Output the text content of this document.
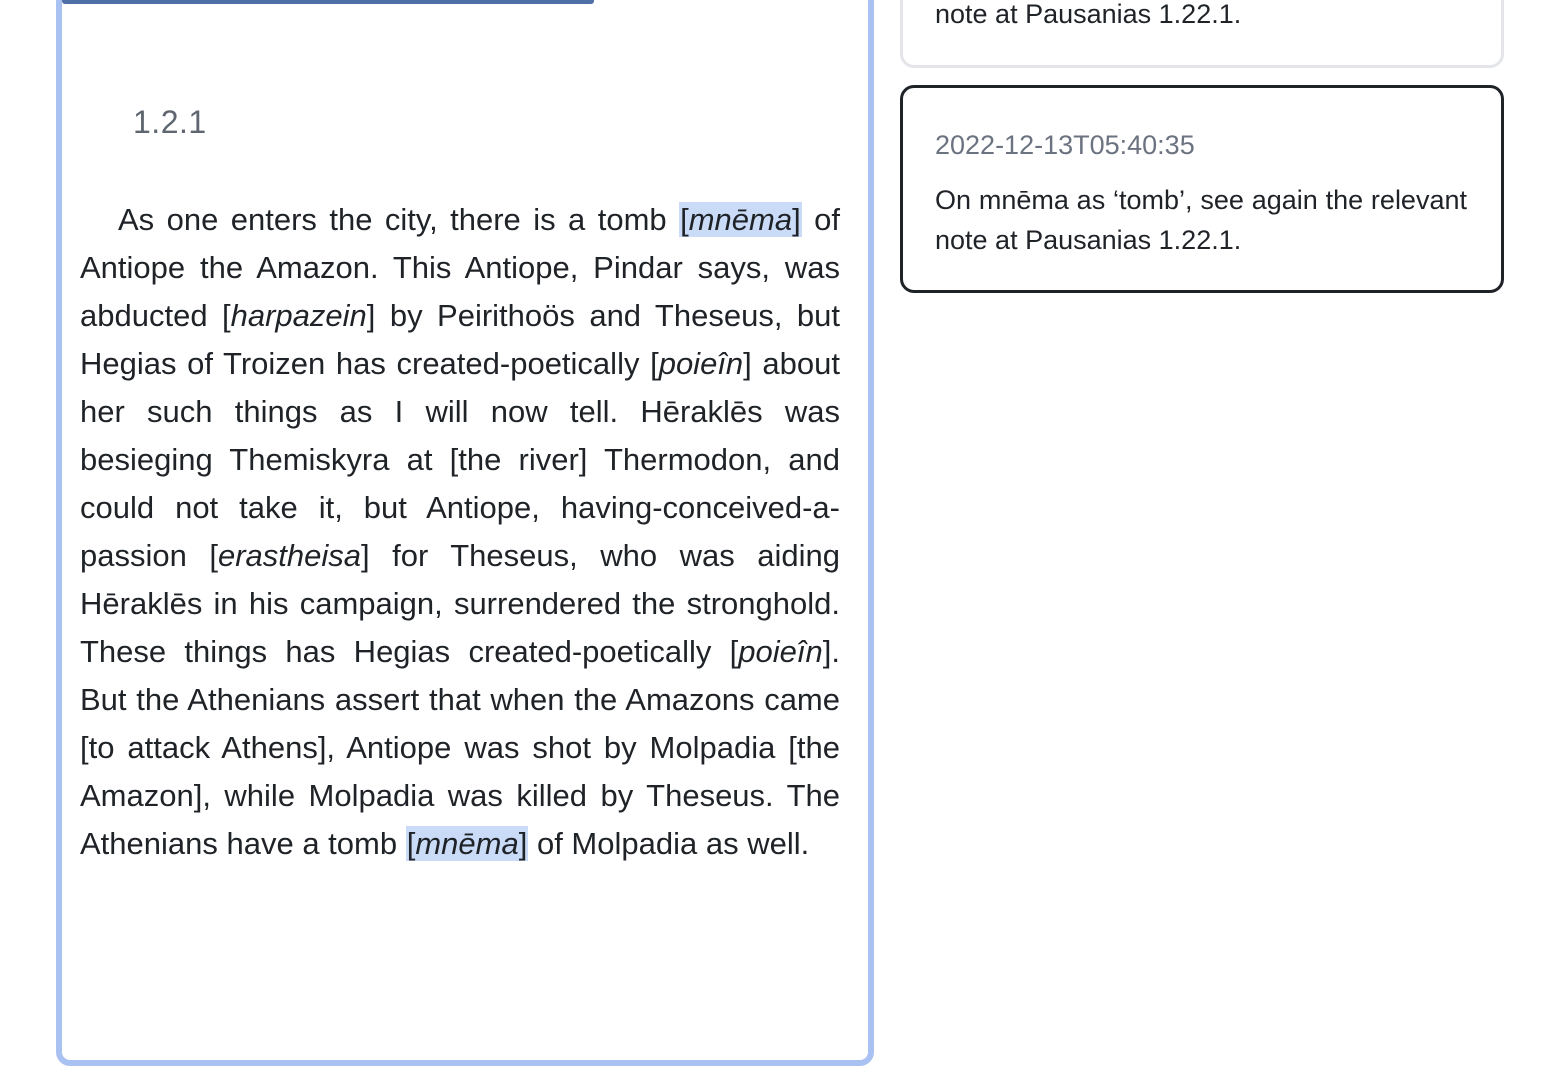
1.2.1

As one enters the city, there is a tomb [mnēma] of Antiope the Amazon. This Antiope, Pindar says, was abducted [harpazein] by Peirithoös and Theseus, but Hegias of Troizen has created-poetically [poieîn] about her such things as I will now tell. Hēraklēs was besieging Themiskyra at [the river] Thermodon, and could not take it, but Antiope, having-conceived-a-passion [erastheisa] for Theseus, who was aiding Hēraklēs in his campaign, surrendered the stronghold. These things has Hegias created-poetically [poieîn]. But the Athenians assert that when the Amazons came [to attack Athens], Antiope was shot by Molpadia [the Amazon], while Molpadia was killed by Theseus. The Athenians have a tomb [mnēma] of Molpadia as well.

note at Pausanias 1.22.1.
2022-12-13T05:40:35

On mnēma as ‘tomb’, see again the relevant note at Pausanias 1.22.1.
